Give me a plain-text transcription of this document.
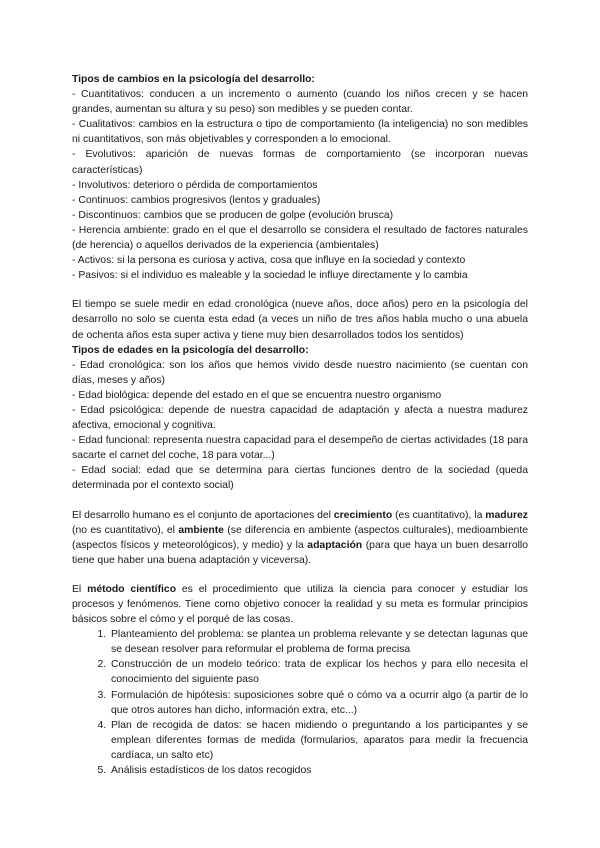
Tipos de cambios en la psicología del desarrollo:
- Cuantitativos: conducen a un incremento o aumento (cuando los niños crecen y se hacen grandes, aumentan su altura y su peso) son medibles y se pueden contar.
- Cualitativos: cambios en la estructura o tipo de comportamiento (la inteligencia) no son medibles ni cuantitativos, son más objetivables y corresponden a lo emocional.
- Evolutivos: aparición de nuevas formas de comportamiento (se incorporan nuevas características)
- Involutivos: deterioro o pérdida de comportamientos
- Continuos: cambios progresivos (lentos y graduales)
- Discontinuos: cambios que se producen de golpe (evolución brusca)
- Herencia ambiente: grado en el que el desarrollo se considera el resultado de factores naturales (de herencia) o aquellos derivados de la experiencia (ambientales)
- Activos: si la persona es curiosa y activa, cosa que influye en la sociedad y contexto
- Pasivos: si el individuo es maleable y la sociedad le influye directamente y lo cambia
El tiempo se suele medir en edad cronológica (nueve años, doce años) pero en la psicología del desarrollo no solo se cuenta esta edad (a veces un niño de tres años habla mucho o una abuela de ochenta años esta super activa y tiene muy bien desarrollados todos los sentidos)
Tipos de edades en la psicología del desarrollo:
- Edad cronológica: son los años que hemos vivido desde nuestro nacimiento (se cuentan con días, meses y años)
- Edad biológica: depende del estado en el que se encuentra nuestro organismo
- Edad psicológica: depende de nuestra capacidad de adaptación y afecta a nuestra madurez afectiva, emocional y cognitiva.
- Edad funcional: representa nuestra capacidad para el desempeño de ciertas actividades (18 para sacarte el carnet del coche, 18 para votar...)
- Edad social: edad que se determina para ciertas funciones dentro de la sociedad (queda determinada por el contexto social)
El desarrollo humano es el conjunto de aportaciones del crecimiento (es cuantitativo), la madurez (no es cuantitativo), el ambiente (se diferencia en ambiente (aspectos culturales), medioambiente (aspectos físicos y meteorológicos), y medio) y la adaptación (para que haya un buen desarrollo tiene que haber una buena adaptación y viceversa).
El método científico es el procedimiento que utiliza la ciencia para conocer y estudiar los procesos y fenómenos. Tiene como objetivo conocer la realidad y su meta es formular principios básicos sobre el cómo y el porqué de las cosas.
1. Planteamiento del problema: se plantea un problema relevante y se detectan lagunas que se desean resolver para reformular el problema de forma precisa
2. Construcción de un modelo teórico: trata de explicar los hechos y para ello necesita el conocimiento del siguiente paso
3. Formulación de hipótesis: suposiciones sobre qué o cómo va a ocurrir algo (a partir de lo que otros autores han dicho, información extra, etc...)
4. Plan de recogida de datos: se hacen midiendo o preguntando a los participantes y se emplean diferentes formas de medida (formularios, aparatos para medir la frecuencia cardíaca, un salto etc)
5. Análisis estadísticos de los datos recogidos
